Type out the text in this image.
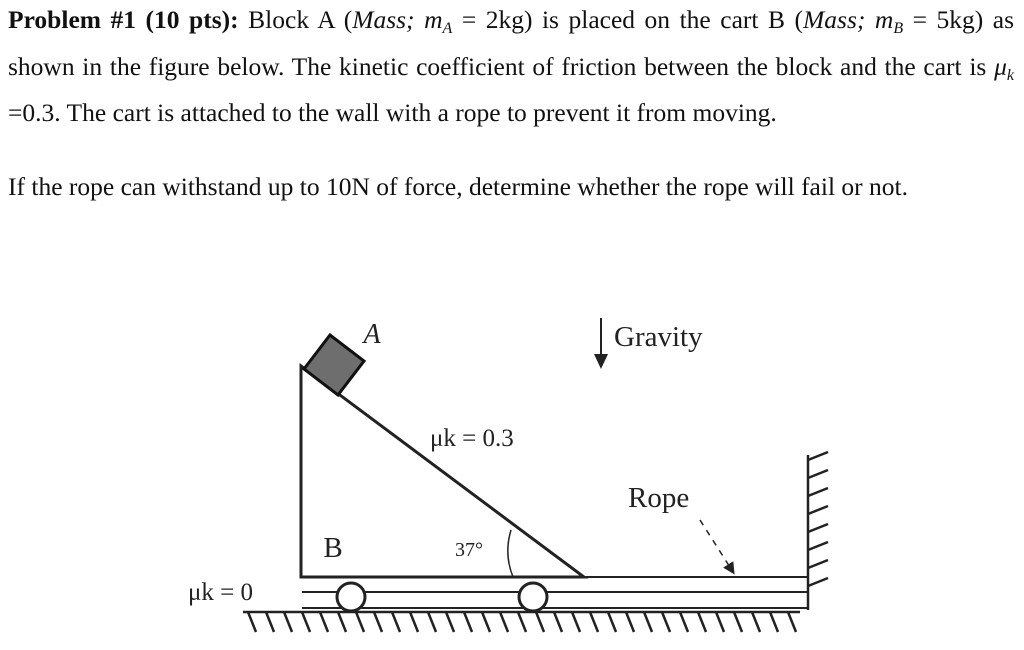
Problem #1 (10 pts): Block A (Mass; $m_A = 2kg$) is placed on the cart B (Mass; $m_B = 5kg$) as shown in the figure below. The kinetic coefficient of friction between the block and the cart is $\mu_k =0.3$. The cart is attached to the wall with a rope to prevent it from moving.
If the rope can withstand up to 10N of force, determine whether the rope will fail or not.
A	Gravity
μk = 0.3
Rope
B	37°
μk = 0
